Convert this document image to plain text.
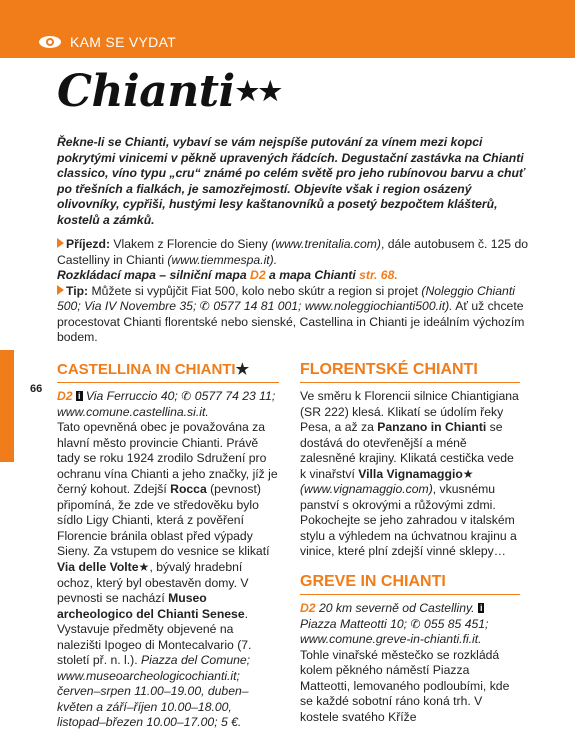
KAM SE VYDAT
Chianti★★

Řekne-li se Chianti, vybaví se vám nejspíše putování za vínem mezi kopci pokrytými vinicemi v pěkně upravených řádcích. Degustační zastávka na Chianti classico, víno typu „cru“ známé po celém světě pro jeho rubínovou barvu a chuť po třešních a fialkách, je samozřejmostí. Objevíte však i region osázený olivovníky, cypřiši, hustými lesy kaštanovníků a posetý bezpočtem klášterů, kostelů a zámků.

Příjezd: Vlakem z Florencie do Sieny (www.trenitalia.com), dále autobusem č. 125 do Castelliny in Chianti (www.tiemmespa.it).

Rozkládací mapa – silniční mapa D2 a mapa Chianti str. 68.

Tip: Můžete si vypůjčit Fiat 500, kolo nebo skútr a region si projet (Noleggio Chianti 500; Via IV Novembre 35; ✆ 0577 14 81 001; www.noleggiochianti500.it). Ať už chcete procestovat Chianti florentské nebo sienské, Castellina in Chianti je ideálním výchozím bodem.

66
CASTELLINA IN CHIANTI★

D2 i Via Ferruccio 40; ✆ 0577 74 23 11; www.comune.castellina.si.it.

Tato opevněná obec je považována za hlavní město provincie Chianti. Právě tady se roku 1924 zrodilo Sdružení pro ochranu vína Chianti a jeho značky, jíž je černý kohout. Zdejší Rocca (pevnost) připomíná, že zde ve středověku bylo sídlo Ligy Chianti, která z pověření Florencie bránila oblast před výpady Sieny. Za vstupem do vesnice se klikatí Via delle Volte★, bývalý hradební ochoz, který byl obestavěn domy. V pevnosti se nachází Museo archeologico del Chianti Senese. Vystavuje předměty objevené na nalezišti Ipogeo di Montecalvario (7. století př. n. l.). Piazza del Comune; www.museoarcheologicochianti.it; červen–srpen 11.00–19.00, duben–květen a září–říjen 10.00–18.00, listopad–březen 10.00–17.00; 5 €.

FLORENTSKÉ CHIANTI

Ve směru k Florencii silnice Chiantigiana (SR 222) klesá. Klikatí se údolím řeky Pesa, a až za Panzano in Chianti se dostává do otevřenější a méně zalesněné krajiny. Klikatá cestička vede k vinařství Villa Vignamaggio★ (www.vignamaggio.com), vkusnému panství s okrovými a růžovými zdmi. Pokochejte se jeho zahradou v italském stylu a výhledem na úchvatnou krajinu a vinice, které plní zdejší vinné sklepy…

GREVE IN CHIANTI

D2 20 km severně od Castelliny. i Piazza Matteotti 10; ✆ 055 85 451; www.comune.greve-in-chianti.fi.it.

Tohle vinařské městečko se rozkládá kolem pěkného náměstí Piazza Matteotti, lemovaného podloubími, kde se každé sobotní ráno koná trh. V kostele svatého Kříže
